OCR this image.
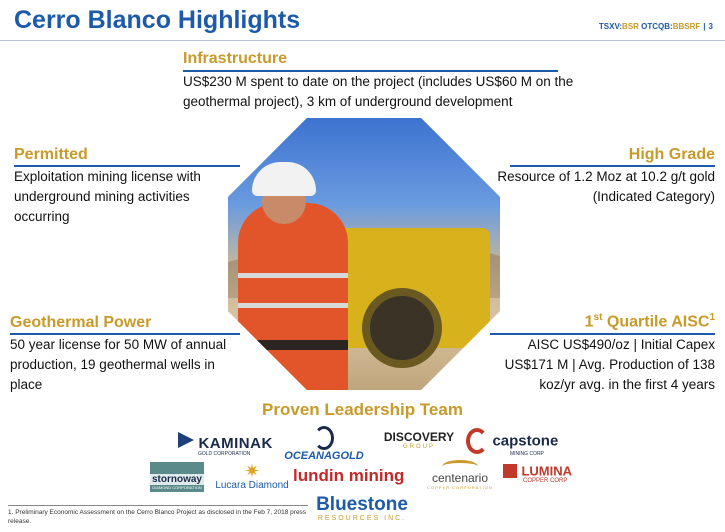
Cerro Blanco Highlights	TSXV:BSR OTCQB:BBSRF | 3
Infrastructure
US$230 M spent to date on the project (includes US$60 M on the geothermal project), 3 km of underground development
Permitted
Exploitation mining license with underground mining activities occurring
High Grade
Resource of 1.2 Moz at 10.2 g/t gold (Indicated Category)
Geothermal Power
50 year license for 50 MW of annual production, 19 geothermal wells in place
1st Quartile AISC$^1$
AISC US$490/oz | Initial Capex US$171 M | Avg. Production of 138 koz/yr avg. in the first 4 years
Proven Leadership Team
KAMINAK
GOLD CORPORATION	OCEANAGOLD
DISCOVERY
GROUP	capstone
MINING CORP
stornoway
DIAMOND CORPORATION
✷
Lucara Diamond
lundin mining	centenario
COPPER CORPORATION
LUMINA
COPPER CORP
Bluestone
RESOURCES INC.
1. Preliminary Economic Assessment on the Cerro Blanco Project as disclosed in the Feb 7, 2018 press release.
